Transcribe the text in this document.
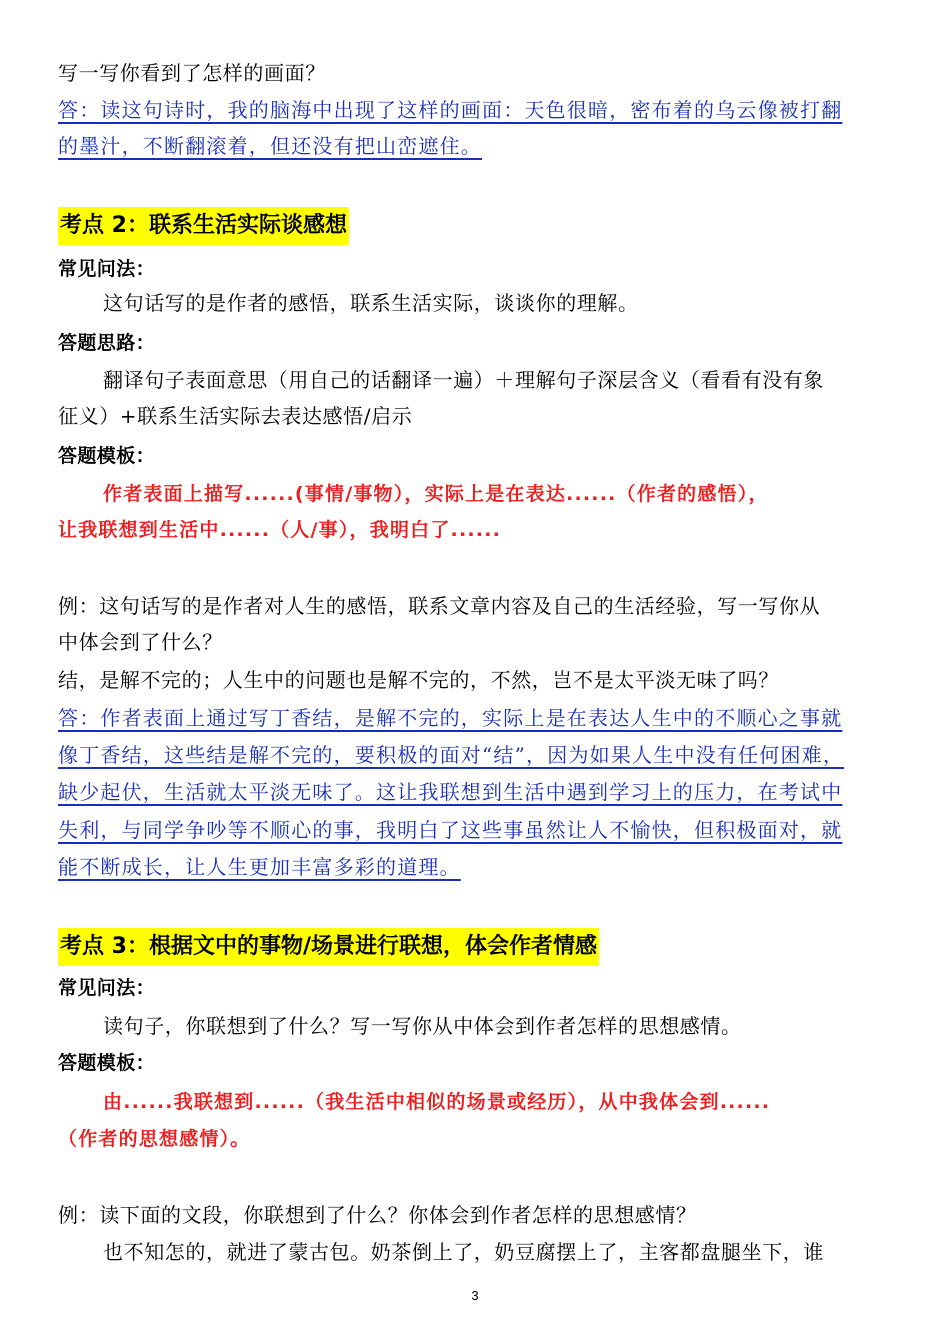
写一写你看到了怎样的画面？
答：读这句诗时，我的脑海中出现了这样的画面：天色很暗，密布着的乌云像被打翻
的墨汁，不断翻滚着，但还没有把山峦遮住。
考点 2：联系生活实际谈感想
常见问法：
这句话写的是作者的感悟，联系生活实际，谈谈你的理解。
答题思路：
翻译句子表面意思（用自己的话翻译一遍）＋理解句子深层含义（看看有没有象
征义）+联系生活实际去表达感悟/启示
答题模板：
作者表面上描写......(事情/事物），实际上是在表达......（作者的感悟），
让我联想到生活中......（人/事），我明白了......
例：这句话写的是作者对人生的感悟，联系文章内容及自己的生活经验，写一写你从
中体会到了什么？
结，是解不完的；人生中的问题也是解不完的，不然，岂不是太平淡无味了吗？
答：作者表面上通过写丁香结，是解不完的，实际上是在表达人生中的不顺心之事就
像丁香结，这些结是解不完的，要积极的面对“结”，因为如果人生中没有任何困难，
缺少起伏，生活就太平淡无味了。这让我联想到生活中遇到学习上的压力，在考试中
失利，与同学争吵等不顺心的事，我明白了这些事虽然让人不愉快，但积极面对，就
能不断成长，让人生更加丰富多彩的道理。
考点 3：根据文中的事物/场景进行联想，体会作者情感
常见问法：
读句子，你联想到了什么？写一写你从中体会到作者怎样的思想感情。
答题模板：
由......我联想到......（我生活中相似的场景或经历），从中我体会到......
（作者的思想感情）。
例：读下面的文段，你联想到了什么？你体会到作者怎样的思想感情？
也不知怎的，就进了蒙古包。奶茶倒上了，奶豆腐摆上了，主客都盘腿坐下，谁
3
